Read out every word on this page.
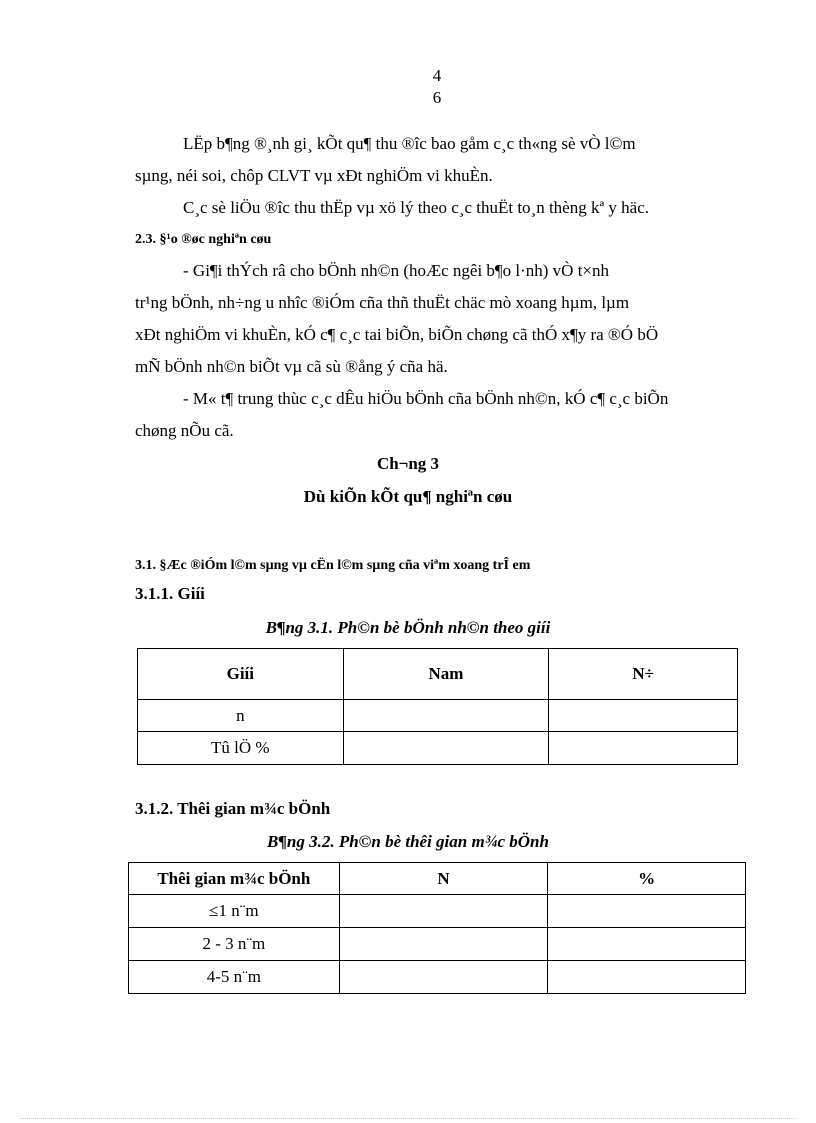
4
6
LËp b¶ng ®¸nh gi¸ kÕt qu¶ thu ®îc bao gåm c¸c th«ng sè vÒ l©m
sµng, néi soi, chôp CLVT vµ xÐt nghiÖm vi khuÈn.
C¸c sè liÖu ®îc thu thËp vµ xö lý theo c¸c thuËt to¸n thèng kª y häc.
2.3. §¹o ®øc nghiªn cøu
- Gi¶i thÝch râ cho bÖnh nh©n (hoÆc ngêi b¶o l·nh) vÒ t×nh
tr¹ng bÖnh, nh÷ng u nhîc ®iÓm cña thñ thuËt chäc mò xoang hµm, lµm
xÐt nghiÖm vi khuÈn, kÓ c¶ c¸c tai biÕn, biÕn chøng cã thÓ x¶y ra ®Ó bÖ
mÑ bÖnh nh©n biÕt vµ cã sù ®ång ý cña hä.
- M« t¶ trung thùc c¸c dÊu hiÖu bÖnh cña bÖnh nh©n, kÓ c¶ c¸c biÕn
chøng nÕu cã.
Ch¬ng 3
Dù kiÕn kÕt qu¶ nghiªn cøu
3.1. §Æc ®iÓm l©m sµng vµ cËn l©m sµng cña viªm xoang trÎ em
3.1.1. Giíi
B¶ng 3.1. Ph©n bè bÖnh nh©n theo giíi
Giíi	Nam	N÷
n		
Tû lÖ %		
3.1.2. Thêi gian m¾c bÖnh
B¶ng 3.2. Ph©n bè thêi gian m¾c bÖnh
Thêi gian m¾c bÖnh	N	%
≤1 n¨m		
2 - 3 n¨m		
4-5 n¨m		
